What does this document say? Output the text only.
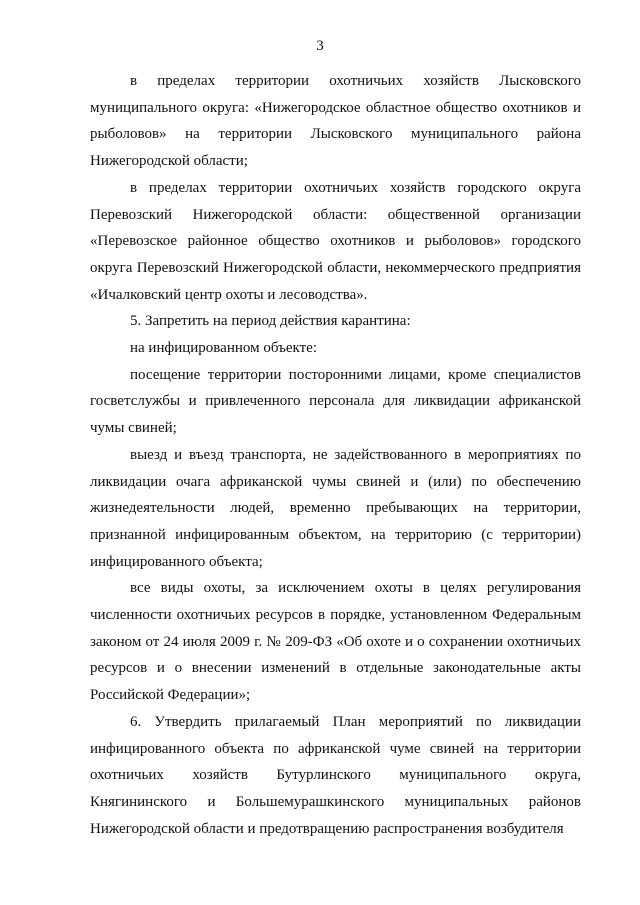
3

в пределах территории охотничьих хозяйств Лысковского муниципального округа: «Нижегородское областное общество охотников и рыболовов» на территории Лысковского муниципального района Нижегородской области;

в пределах территории охотничьих хозяйств городского округа Перевозский Нижегородской области: общественной организации «Перевозское районное общество охотников и рыболовов» городского округа Перевозский Нижегородской области, некоммерческого предприятия «Ичалковский центр охоты и лесоводства».

5. Запретить на период действия карантина:

на инфицированном объекте:

посещение территории посторонними лицами, кроме специалистов госветслужбы и привлеченного персонала для ликвидации африканской чумы свиней;

выезд и въезд транспорта, не задействованного в мероприятиях по ликвидации очага африканской чумы свиней и (или) по обеспечению жизнедеятельности людей, временно пребывающих на территории, признанной инфицированным объектом, на территорию (с территории) инфицированного объекта;

все виды охоты, за исключением охоты в целях регулирования численности охотничьих ресурсов в порядке, установленном Федеральным законом от 24 июля 2009 г. № 209-ФЗ «Об охоте и о сохранении охотничьих ресурсов и о внесении изменений в отдельные законодательные акты Российской Федерации»;

6. Утвердить прилагаемый План мероприятий по ликвидации инфицированного объекта по африканской чуме свиней на территории охотничьих хозяйств Бутурлинского муниципального округа, Княгининского и Большемурашкинского муниципальных районов Нижегородской области и предотвращению распространения возбудителя
